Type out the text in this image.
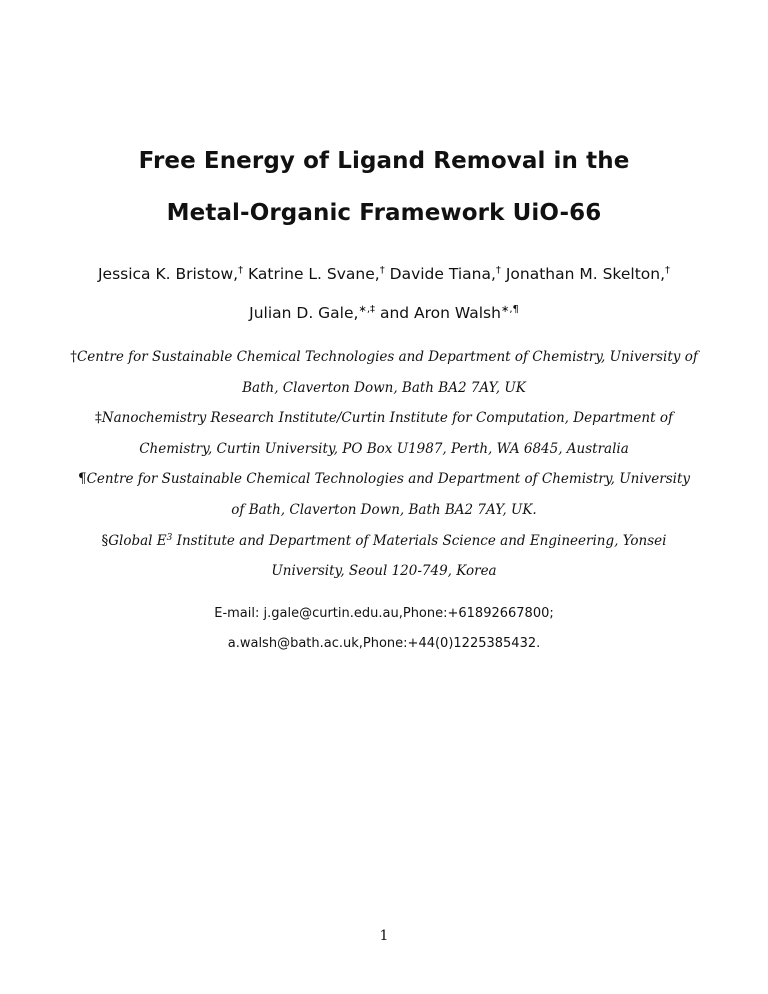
Free Energy of Ligand Removal in the
Metal-Organic Framework UiO-66
Jessica K. Bristow,† Katrine L. Svane,† Davide Tiana,† Jonathan M. Skelton,†
Julian D. Gale,∗,‡ and Aron Walsh∗,¶
†Centre for Sustainable Chemical Technologies and Department of Chemistry, University of
Bath, Claverton Down, Bath BA2 7AY, UK
‡Nanochemistry Research Institute/Curtin Institute for Computation, Department of
Chemistry, Curtin University, PO Box U1987, Perth, WA 6845, Australia
¶Centre for Sustainable Chemical Technologies and Department of Chemistry, University
of Bath, Claverton Down, Bath BA2 7AY, UK.
§Global $E^3$ Institute and Department of Materials Science and Engineering, Yonsei
University, Seoul 120-749, Korea
E-mail: j.gale@curtin.edu.au,Phone:+61892667800;
a.walsh@bath.ac.uk,Phone:+44(0)1225385432.
1
